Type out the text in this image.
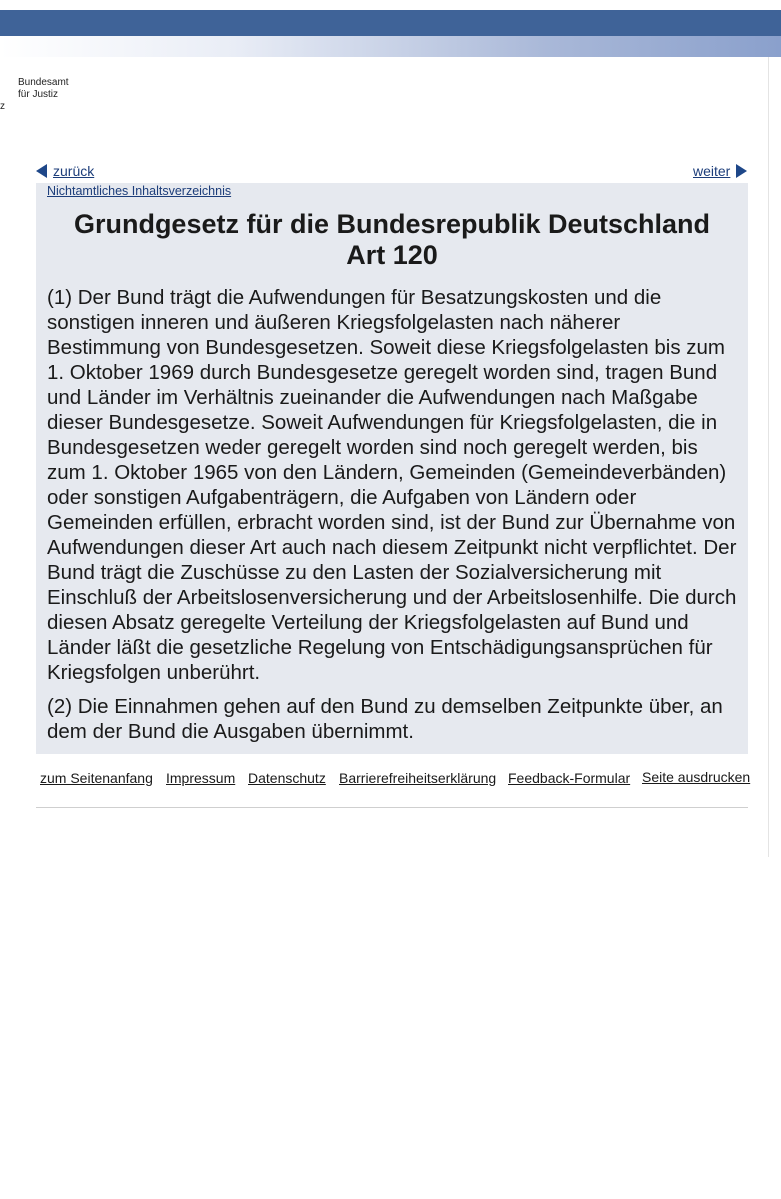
Bundesamt
für Justiz
z
zurück	weiter
Nichtamtliches Inhaltsverzeichnis
Grundgesetz für die Bundesrepublik Deutschland
Art 120

(1) Der Bund trägt die Aufwendungen für Besatzungskosten und die sonstigen inneren und äußeren Kriegsfolgelasten nach näherer Bestimmung von Bundesgesetzen. Soweit diese Kriegsfolgelasten bis zum 1. Oktober 1969 durch Bundesgesetze geregelt worden sind, tragen Bund und Länder im Verhältnis zueinander die Aufwendungen nach Maßgabe dieser Bundesgesetze. Soweit Aufwendungen für Kriegsfolgelasten, die in Bundesgesetzen weder geregelt worden sind noch geregelt werden, bis zum 1. Oktober 1965 von den Ländern, Gemeinden (Gemeindeverbänden) oder sonstigen Aufgabenträgern, die Aufgaben von Ländern oder Gemeinden erfüllen, erbracht worden sind, ist der Bund zur Übernahme von Aufwendungen dieser Art auch nach diesem Zeitpunkt nicht verpflichtet. Der Bund trägt die Zuschüsse zu den Lasten der Sozialversicherung mit Einschluß der Arbeitslosenversicherung und der Arbeitslosenhilfe. Die durch diesen Absatz geregelte Verteilung der Kriegsfolgelasten auf Bund und Länder läßt die gesetzliche Regelung von Entschädigungsansprüchen für Kriegsfolgen unberührt.

(2) Die Einnahmen gehen auf den Bund zu demselben Zeitpunkte über, an dem der Bund die Ausgaben übernimmt.

zum Seitenanfang Impressum Datenschutz Barrierefreiheitserklärung Feedback-Formular Seite ausdrucken
